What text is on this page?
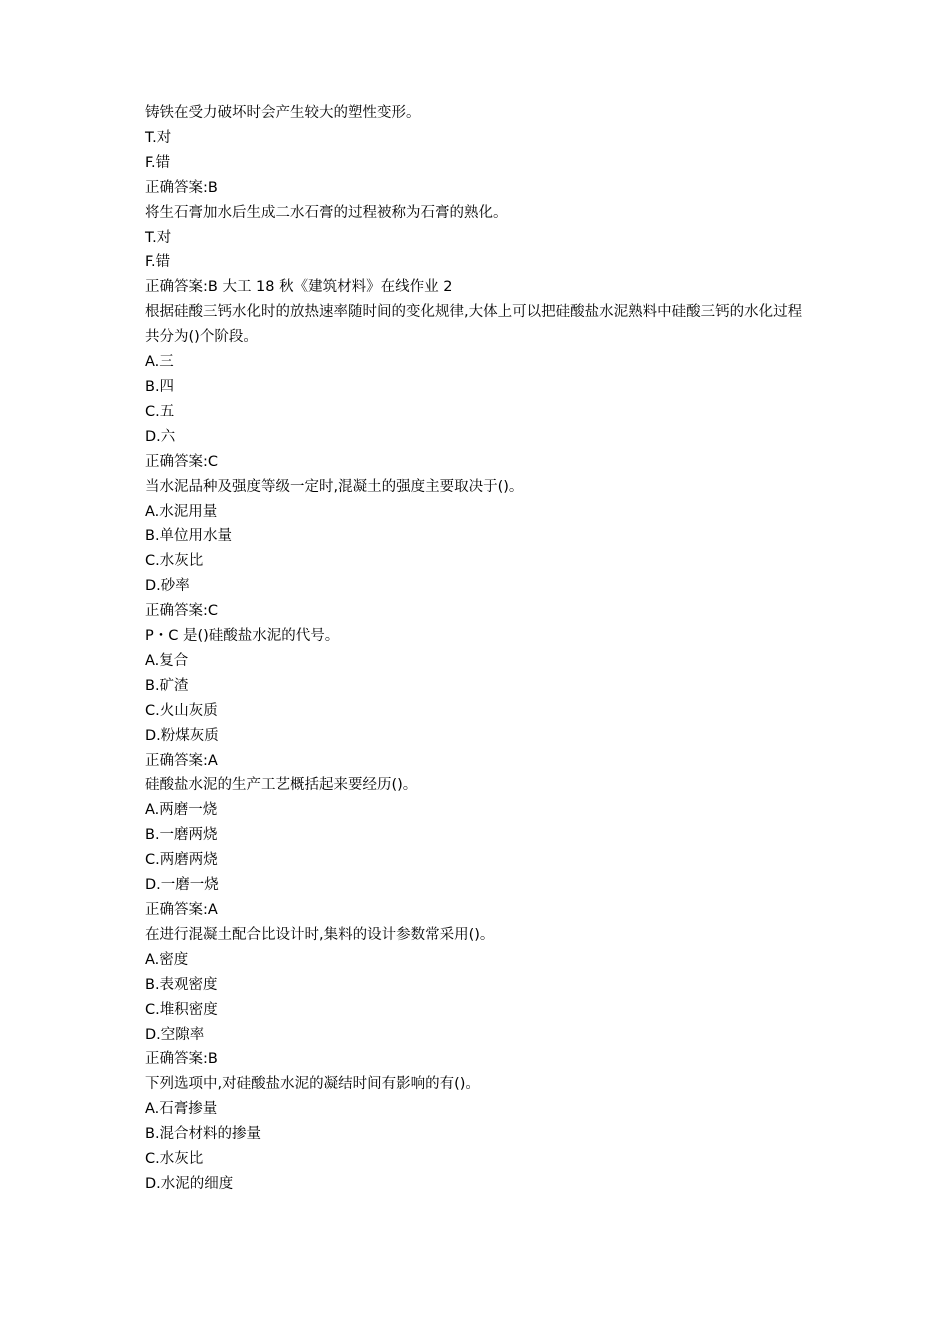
铸铁在受力破坏时会产生较大的塑性变形。
T.对
F.错
正确答案:B
将生石膏加水后生成二水石膏的过程被称为石膏的熟化。
T.对
F.错
正确答案:B 大工 18 秋《建筑材料》在线作业 2
根据硅酸三钙水化时的放热速率随时间的变化规律,大体上可以把硅酸盐水泥熟料中硅酸三钙的水化过程共分为()个阶段。
A.三
B.四
C.五
D.六
正确答案:C
当水泥品种及强度等级一定时,混凝土的强度主要取决于()。
A.水泥用量
B.单位用水量
C.水灰比
D.砂率
正确答案:C
P・C 是()硅酸盐水泥的代号。
A.复合
B.矿渣
C.火山灰质
D.粉煤灰质
正确答案:A
硅酸盐水泥的生产工艺概括起来要经历()。
A.两磨一烧
B.一磨两烧
C.两磨两烧
D.一磨一烧
正确答案:A
在进行混凝土配合比设计时,集料的设计参数常采用()。
A.密度
B.表观密度
C.堆积密度
D.空隙率
正确答案:B
下列选项中,对硅酸盐水泥的凝结时间有影响的有()。
A.石膏掺量
B.混合材料的掺量
C.水灰比
D.水泥的细度
